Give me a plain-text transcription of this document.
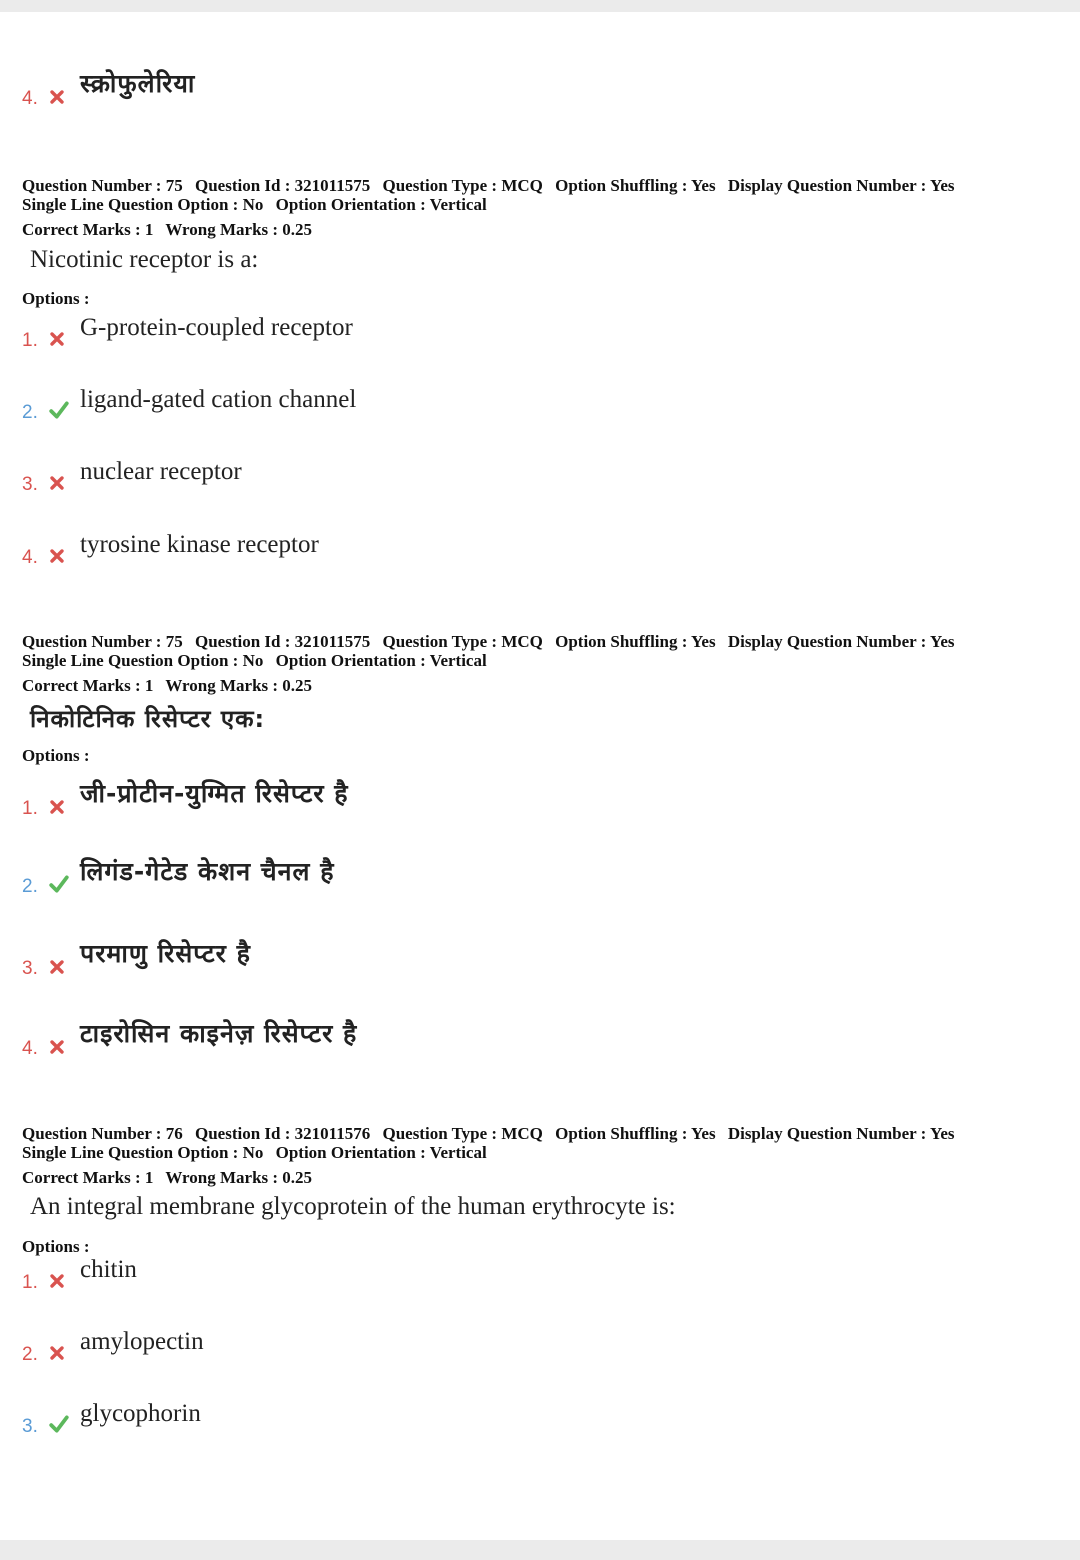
4.
स्क्रोफुलेरिया
Question Number : 75 Question Id : 321011575 Question Type : MCQ Option Shuffling : Yes Display Question Number : Yes
Single Line Question Option : No Option Orientation : Vertical
Correct Marks : 1 Wrong Marks : 0.25
Nicotinic receptor is a:
Options :
1. G-protein-coupled receptor
2. ligand-gated cation channel
3. nuclear receptor
4. tyrosine kinase receptor
Question Number : 75 Question Id : 321011575 Question Type : MCQ Option Shuffling : Yes Display Question Number : Yes
Single Line Question Option : No Option Orientation : Vertical
Correct Marks : 1 Wrong Marks : 0.25
निकोटिनिक रिसेप्टर एक:
Options :
1.
जी-प्रोटीन-युग्मित रिसेप्टर है
2.
लिगंड-गेटेड केशन चैनल है
3.
परमाणु रिसेप्टर है
4.
टाइरोसिन काइनेज़ रिसेप्टर है
Question Number : 76 Question Id : 321011576 Question Type : MCQ Option Shuffling : Yes Display Question Number : Yes
Single Line Question Option : No Option Orientation : Vertical
Correct Marks : 1 Wrong Marks : 0.25
An integral membrane glycoprotein of the human erythrocyte is:
Options :
1. chitin
2. amylopectin
3. glycophorin
